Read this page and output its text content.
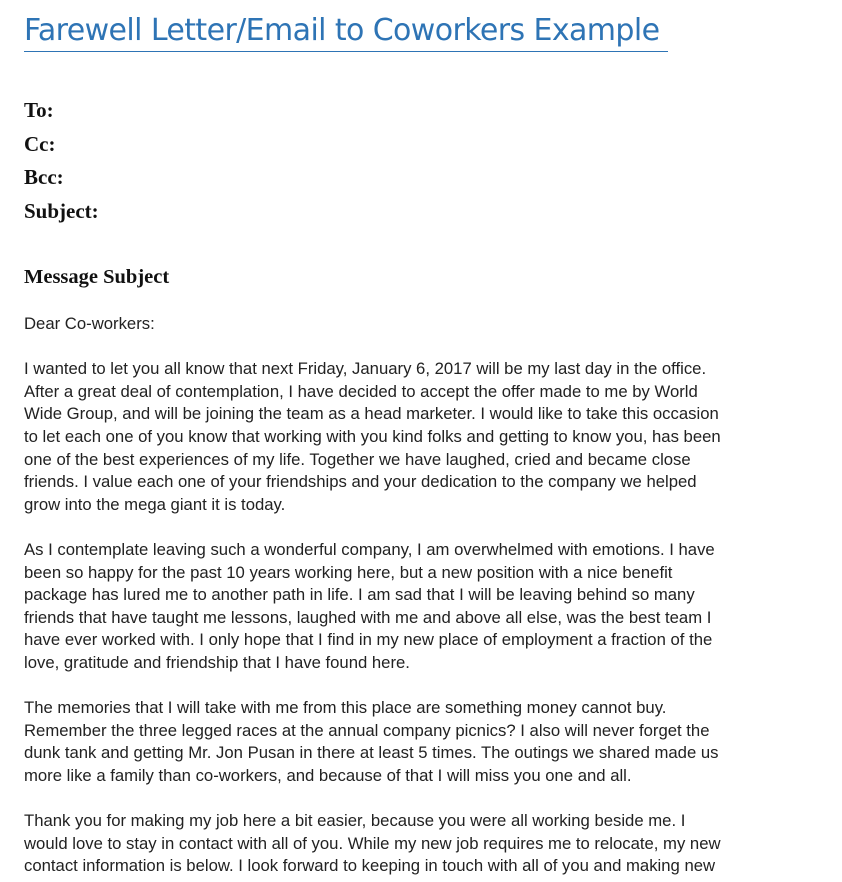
Farewell Letter/Email to Coworkers Example
To:
Cc:
Bcc:
Subject:
Message Subject

Dear Co-workers:

I wanted to let you all know that next Friday, January 6, 2017 will be my last day in the office.
After a great deal of contemplation, I have decided to accept the offer made to me by World
Wide Group, and will be joining the team as a head marketer. I would like to take this occasion
to let each one of you know that working with you kind folks and getting to know you, has been
one of the best experiences of my life. Together we have laughed, cried and became close
friends. I value each one of your friendships and your dedication to the company we helped
grow into the mega giant it is today.

As I contemplate leaving such a wonderful company, I am overwhelmed with emotions. I have
been so happy for the past 10 years working here, but a new position with a nice benefit
package has lured me to another path in life. I am sad that I will be leaving behind so many
friends that have taught me lessons, laughed with me and above all else, was the best team I
have ever worked with. I only hope that I find in my new place of employment a fraction of the
love, gratitude and friendship that I have found here.

The memories that I will take with me from this place are something money cannot buy.
Remember the three legged races at the annual company picnics? I also will never forget the
dunk tank and getting Mr. Jon Pusan in there at least 5 times. The outings we shared made us
more like a family than co-workers, and because of that I will miss you one and all.

Thank you for making my job here a bit easier, because you were all working beside me. I
would love to stay in contact with all of you. While my new job requires me to relocate, my new
contact information is below. I look forward to keeping in touch with all of you and making new
